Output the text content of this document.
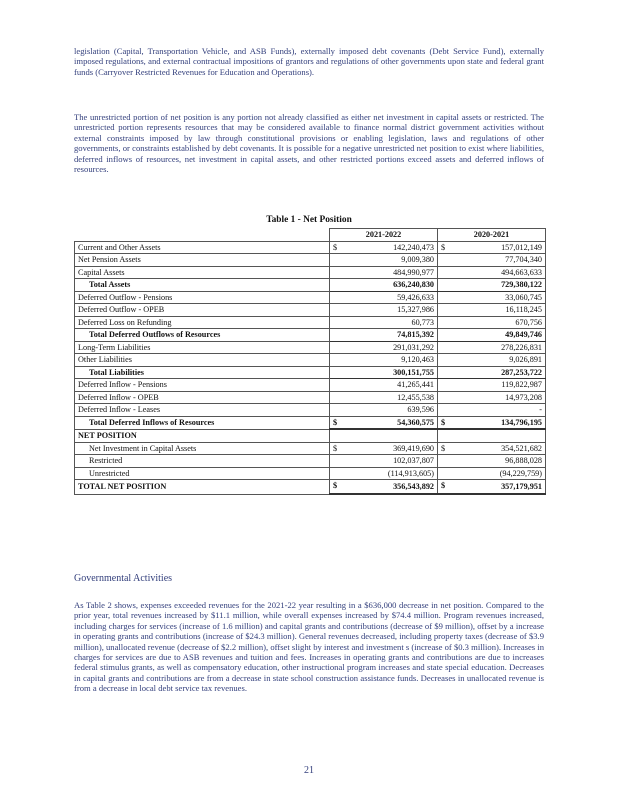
legislation (Capital, Transportation Vehicle, and ASB Funds), externally imposed debt covenants (Debt Service Fund), externally imposed regulations, and external contractual impositions of grantors and regulations of other governments upon state and federal grant funds (Carryover Restricted Revenues for Education and Operations).

The unrestricted portion of net position is any portion not already classified as either net investment in capital assets or restricted. The unrestricted portion represents resources that may be considered available to finance normal district government activities without external constraints imposed by law through constitutional provisions or enabling legislation, laws and regulations of other governments, or constraints established by debt covenants. It is possible for a negative unrestricted net position to exist where liabilities, deferred inflows of resources, net investment in capital assets, and other restricted portions exceed assets and deferred inflows of resources.

Table 1 - Net Position

	2021-2022	2020-2021
Current and Other Assets	$ 142,240,473	$ 157,012,149
Net Pension Assets	9,009,380	77,704,340
Capital Assets	484,990,977	494,663,633
Total Assets	636,240,830	729,380,122
Deferred Outflow - Pensions	59,426,633	33,060,745
Deferred Outflow - OPEB	15,327,986	16,118,245
Deferred Loss on Refunding	60,773	670,756
Total Deferred Outflows of Resources	74,815,392	49,849,746
Long-Term Liabilities	291,031,292	278,226,831
Other Liabilities	9,120,463	9,026,891
Total Liabilities	300,151,755	287,253,722
Deferred Inflow - Pensions	41,265,441	119,822,987
Deferred Inflow - OPEB	12,455,538	14,973,208
Deferred Inflow - Leases	639,596	-
Total Deferred Inflows of Resources	$ 54,360,575	$ 134,796,195
NET POSITION	

Net Investment in Capital Assets	$ 369,419,690	$ 354,521,682
Restricted	102,037,807	96,888,028
Unrestricted	(114,913,605)	(94,229,759)
TOTAL NET POSITION	$ 356,543,892	$ 357,179,951

Governmental Activities

As Table 2 shows, expenses exceeded revenues for the 2021-22 year resulting in a $636,000 decrease in net position. Compared to the prior year, total revenues increased by $11.1 million, while overall expenses increased by $74.4 million. Program revenues increased, including charges for services (increase of 1.6 million) and capital grants and contributions (decrease of $9 million), offset by a increase in operating grants and contributions (increase of $24.3 million). General revenues decreased, including property taxes (decrease of $3.9 million), unallocated revenue (decrease of $2.2 million), offset slight by interest and investment s (increase of $0.3 million). Increases in charges for services are due to ASB revenues and tuition and fees. Increases in operating grants and contributions are due to increases federal stimulus grants, as well as compensatory education, other instructional program increases and state special education. Decreases in capital grants and contributions are from a decrease in state school construction assistance funds. Decreases in unallocated revenue is from a decrease in local debt service tax revenues.

21
